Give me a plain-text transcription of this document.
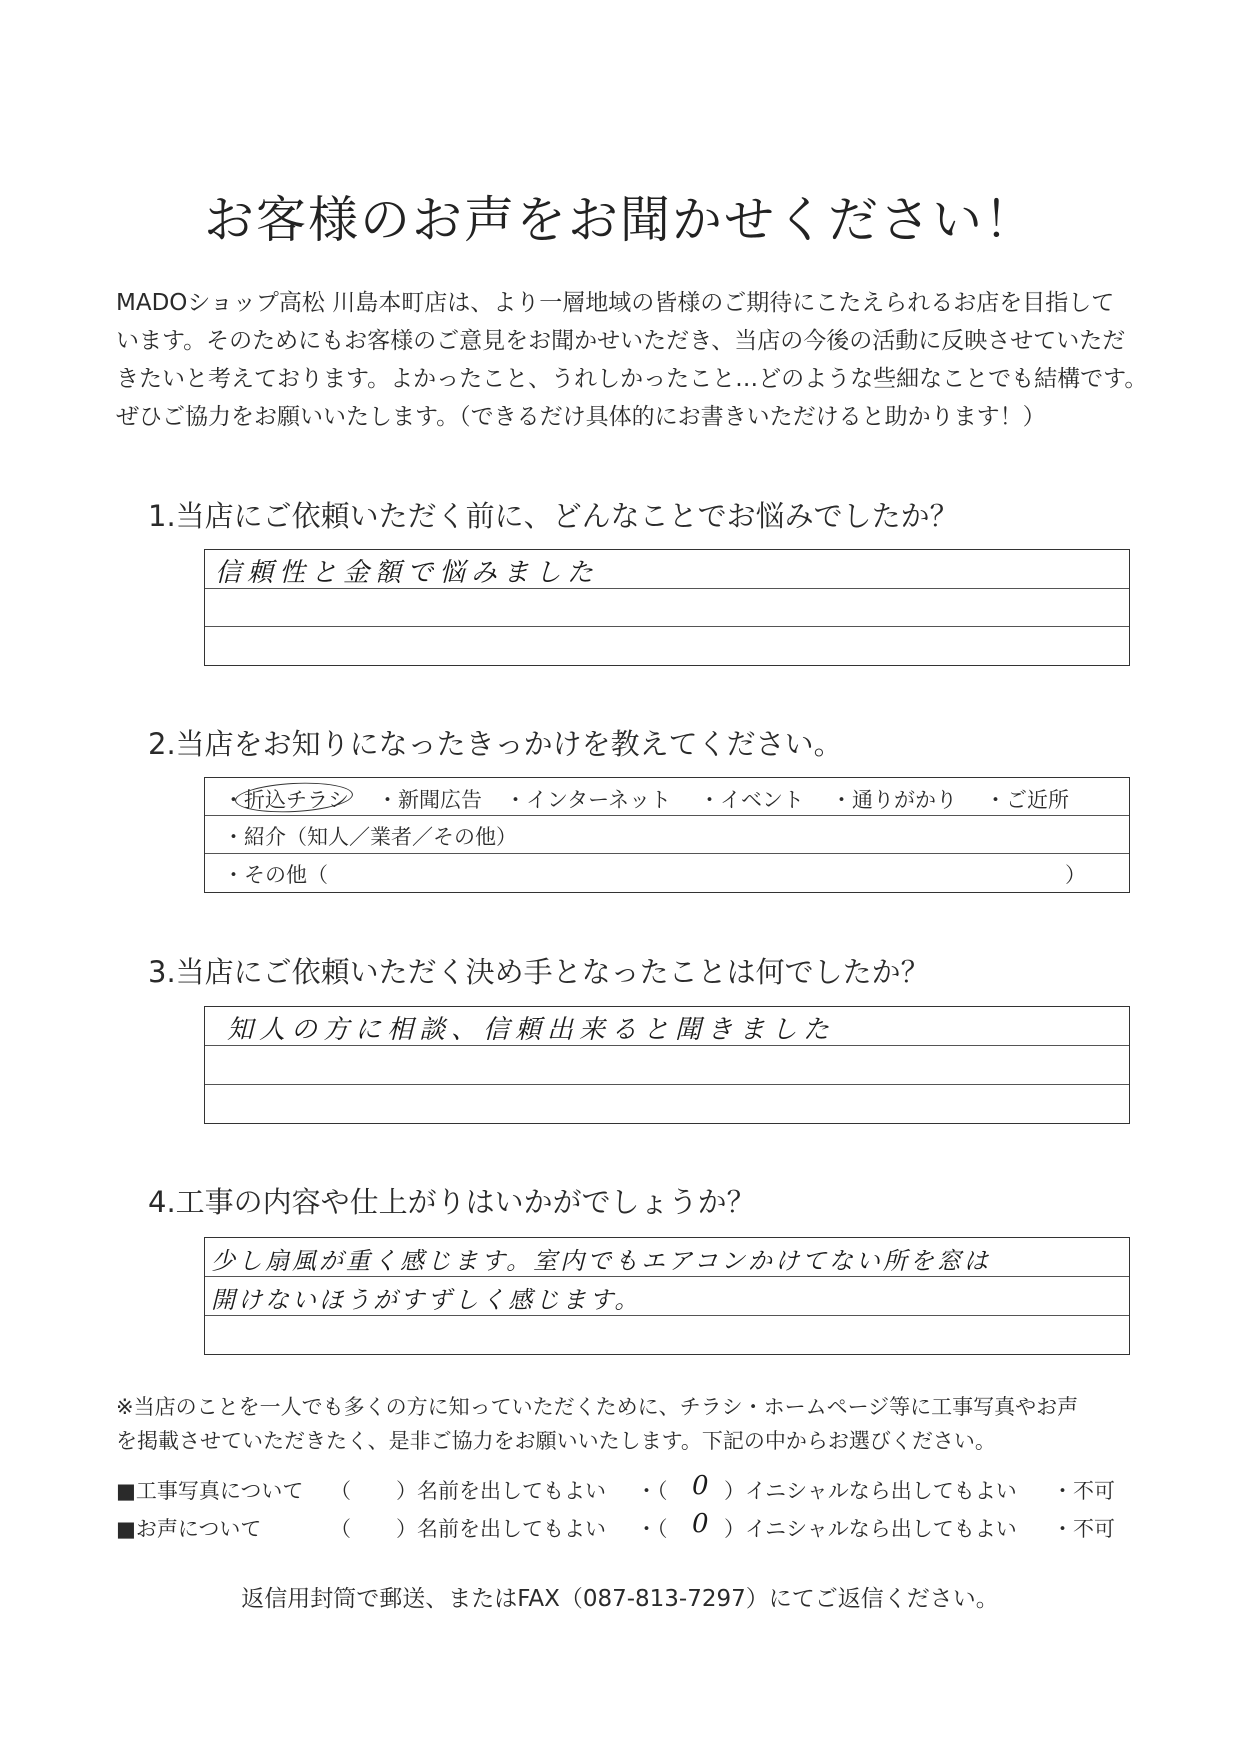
お客様のお声をお聞かせください！
MADOショップ高松 川島本町店は、より一層地域の皆様のご期待にこたえられるお店を目指して
います。そのためにもお客様のご意見をお聞かせいただき、当店の今後の活動に反映させていただ
きたいと考えております。よかったこと、うれしかったこと…どのような些細なことでも結構です。
ぜひご協力をお願いいたします。（できるだけ具体的にお書きいただけると助かります！）
1.当店にご依頼いただく前に、どんなことでお悩みでしたか？
信頼性と金額で悩みました
2.当店をお知りになったきっかけを教えてください。
・折込チラシ ・新聞広告 ・インターネット ・イベント ・通りがかり ・ご近所
・紹介（知人／業者／その他）
・その他（	）
3.当店にご依頼いただく決め手となったことは何でしたか？
知人の方に相談、信頼出来ると聞きました
4.工事の内容や仕上がりはいかがでしょうか？
少し扇風が重く感じます。室内でもエアコンかけてない所を窓は
開けないほうがすずしく感じます。
※当店のことを一人でも多くの方に知っていただくために、チラシ・ホームページ等に工事写真やお声
を掲載させていただきたく、是非ご協力をお願いいたします。下記の中からお選びください。
■工事写真について （ ）名前を出してもよい ・（ 0 ）イニシャルなら出してもよい ・不可
■お声について	（ ）名前を出してもよい ・（ 0 ）イニシャルなら出してもよい ・不可
返信用封筒で郵送、またはFAX（087-813-7297）にてご返信ください。
